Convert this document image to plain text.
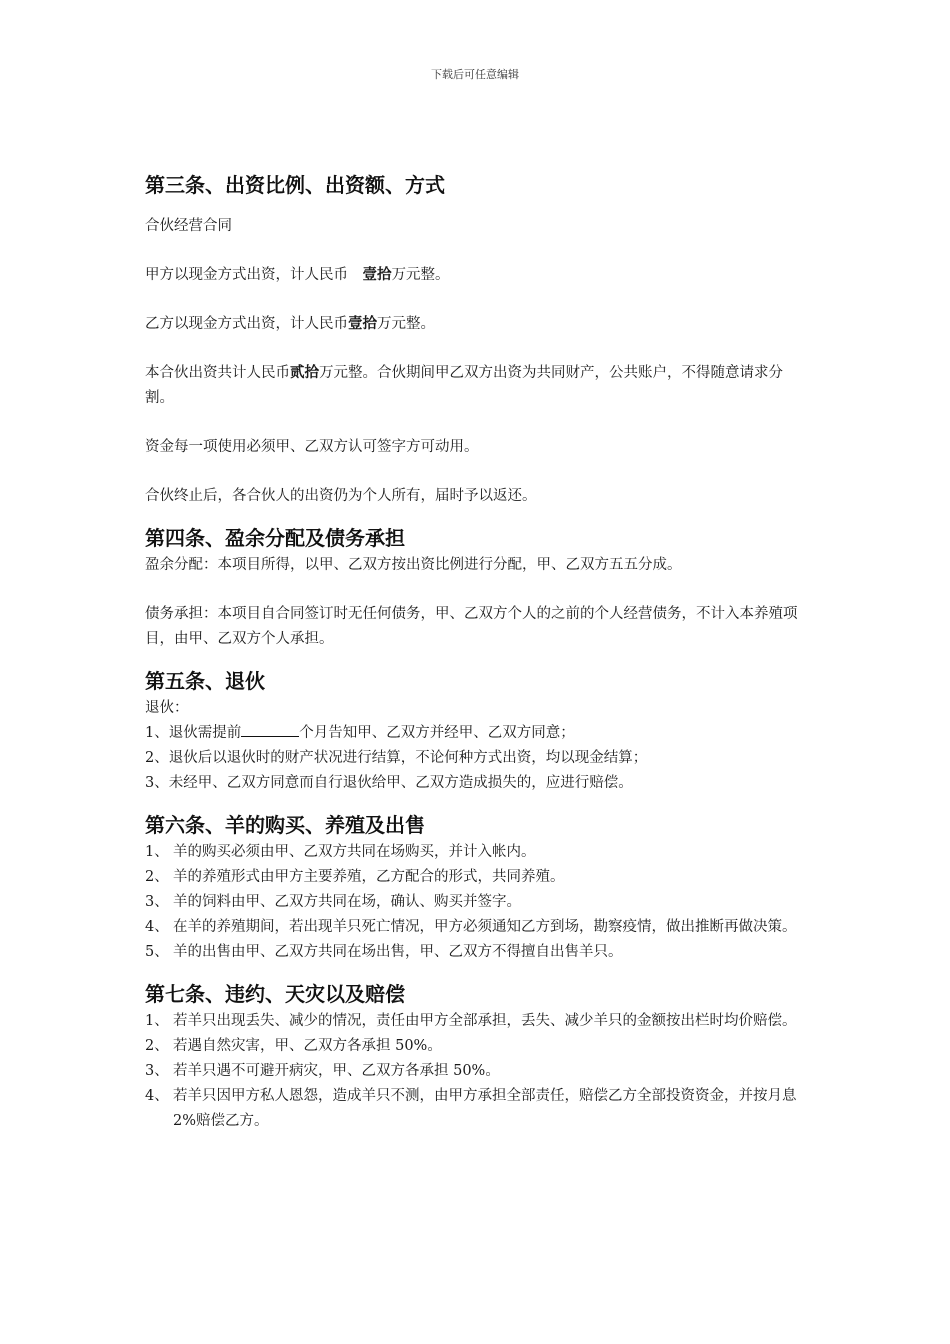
下载后可任意编辑
第三条、出资比例、出资额、方式

合伙经营合同

甲方以现金方式出资，计人民币　壹拾万元整。

乙方以现金方式出资，计人民币壹拾万元整。

本合伙出资共计人民币贰拾万元整。合伙期间甲乙双方出资为共同财产，公共账户，不得随意请求分割。

资金每一项使用必须甲、乙双方认可签字方可动用。

合伙终止后，各合伙人的出资仍为个人所有，届时予以返还。

第四条、盈余分配及债务承担

盈余分配：本项目所得，以甲、乙双方按出资比例进行分配，甲、乙双方五五分成。

债务承担：本项目自合同签订时无任何债务，甲、乙双方个人的之前的个人经营债务，不计入本养殖项目，由甲、乙双方个人承担。

第五条、退伙

退伙：

1、退伙需提前	个月告知甲、乙双方并经甲、乙双方同意；

2、退伙后以退伙时的财产状况进行结算，不论何种方式出资，均以现金结算；

3、未经甲、乙双方同意而自行退伙给甲、乙双方造成损失的，应进行赔偿。

第六条、羊的购买、养殖及出售
1、 羊的购买必须由甲、乙双方共同在场购买，并计入帐内。
2、 羊的养殖形式由甲方主要养殖，乙方配合的形式，共同养殖。
3、 羊的饲料由甲、乙双方共同在场，确认、购买并签字。
4、 在羊的养殖期间，若出现羊只死亡情况，甲方必须通知乙方到场，勘察疫情，做出推断再做决策。
5、 羊的出售由甲、乙双方共同在场出售，甲、乙双方不得擅自出售羊只。
第七条、违约、天灾以及赔偿
1、 若羊只出现丢失、减少的情况，责任由甲方全部承担，丢失、减少羊只的金额按出栏时均价赔偿。
2、 若遇自然灾害，甲、乙双方各承担 50%。
3、 若羊只遇不可避开病灾，甲、乙双方各承担 50%。
4、 若羊只因甲方私人恩怨，造成羊只不测，由甲方承担全部责任，赔偿乙方全部投资资金，并按月息 2%赔偿乙方。
